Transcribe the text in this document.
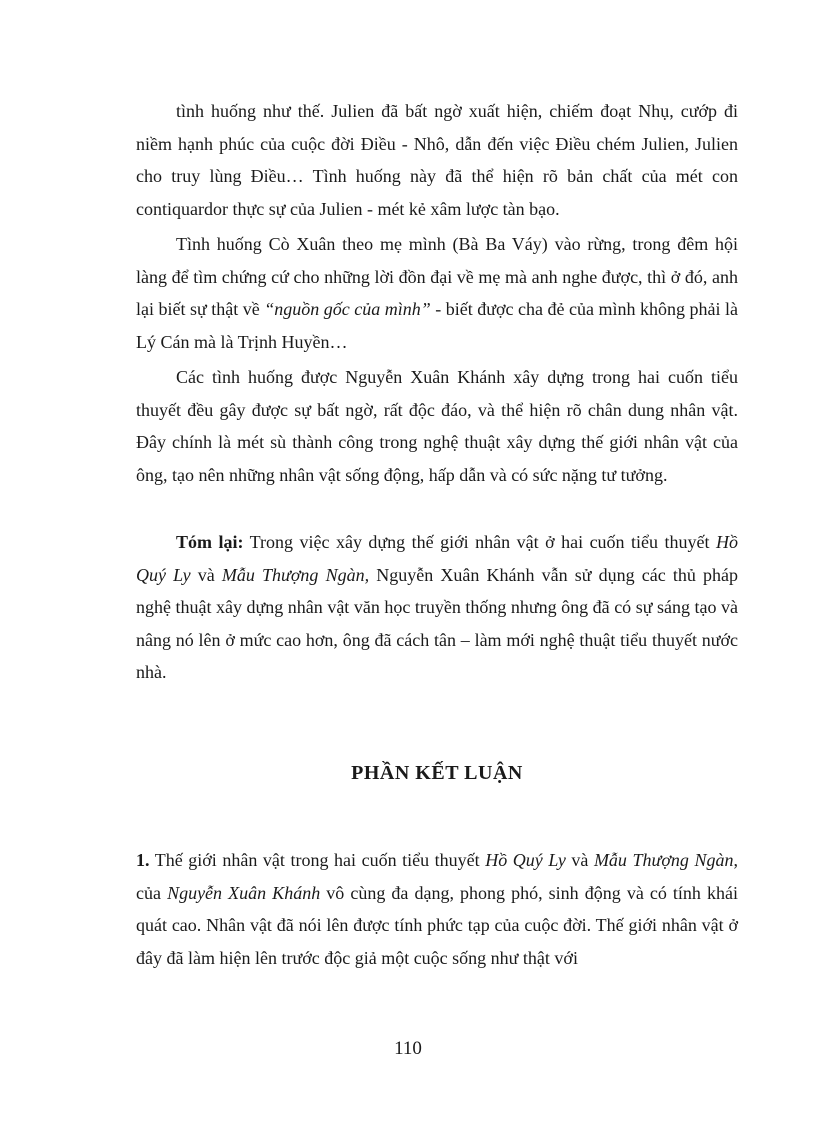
tình huống như thế. Julien đã bất ngờ xuất hiện, chiếm đoạt Nhụ, cướp đi niềm hạnh phúc của cuộc đời Điều - Nhô, dẫn đến việc Điều chém Julien, Julien cho truy lùng Điều… Tình huống này đã thể hiện rõ bản chất của mét con contiquardor thực sự của Julien - mét kẻ xâm lược tàn bạo.

Tình huống Cò Xuân theo mẹ mình (Bà Ba Váy) vào rừng, trong đêm hội làng để tìm chứng cứ cho những lời đồn đại về mẹ mà anh nghe được, thì ở đó, anh lại biết sự thật về “nguồn gốc của mình” - biết được cha đẻ của mình không phải là Lý Cán mà là Trịnh Huyền…

Các tình huống được Nguyễn Xuân Khánh xây dựng trong hai cuốn tiểu thuyết đều gây được sự bất ngờ, rất độc đáo, và thể hiện rõ chân dung nhân vật. Đây chính là mét sù thành công trong nghệ thuật xây dựng thế giới nhân vật của ông, tạo nên những nhân vật sống động, hấp dẫn và có sức nặng tư tưởng.

Tóm lại: Trong việc xây dựng thế giới nhân vật ở hai cuốn tiểu thuyết Hồ Quý Ly và Mẫu Thượng Ngàn, Nguyễn Xuân Khánh vẫn sử dụng các thủ pháp nghệ thuật xây dựng nhân vật văn học truyền thống nhưng ông đã có sự sáng tạo và nâng nó lên ở mức cao hơn, ông đã cách tân – làm mới nghệ thuật tiểu thuyết nước nhà.

PHẦN KẾT LUẬN

1. Thế giới nhân vật trong hai cuốn tiểu thuyết Hồ Quý Ly và Mẫu Thượng Ngàn, của Nguyễn Xuân Khánh vô cùng đa dạng, phong phó, sinh động và có tính khái quát cao. Nhân vật đã nói lên được tính phức tạp của cuộc đời. Thế giới nhân vật ở đây đã làm hiện lên trước độc giả một cuộc sống như thật với

110
